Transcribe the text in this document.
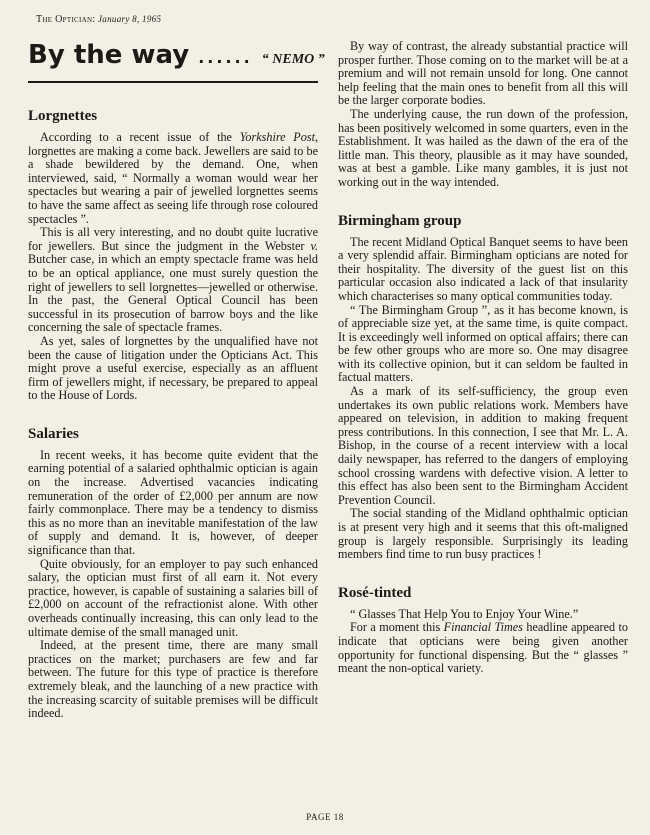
The Optician: January 8, 1965
By the way ...... “ NEMO ”
Lorgnettes

According to a recent issue of the Yorkshire Post, lorgnettes are making a come back. Jewellers are said to be a shade bewildered by the demand. One, when interviewed, said, “ Normally a woman would wear her spectacles but wearing a pair of jewelled lorgnettes seems to have the same affect as seeing life through rose coloured spectacles ”.

This is all very interesting, and no doubt quite lucrative for jewellers. But since the judgment in the Webster v. Butcher case, in which an empty spectacle frame was held to be an optical appliance, one must surely question the right of jewellers to sell lorgnettes—jewelled or otherwise. In the past, the General Optical Council has been successful in its prosecution of barrow boys and the like concerning the sale of spectacle frames.

As yet, sales of lorgnettes by the unqualified have not been the cause of litigation under the Opticians Act. This might prove a useful exercise, especially as an affluent firm of jewellers might, if necessary, be prepared to appeal to the House of Lords.

Salaries

In recent weeks, it has become quite evident that the earning potential of a salaried ophthalmic optician is again on the increase. Advertised vacancies indicating remuneration of the order of £2,000 per annum are now fairly commonplace. There may be a tendency to dismiss this as no more than an inevitable manifestation of the law of supply and demand. It is, however, of deeper significance than that.

Quite obviously, for an employer to pay such enhanced salary, the optician must first of all earn it. Not every practice, however, is capable of sustaining a salaries bill of £2,000 on account of the refractionist alone. With other overheads continually increasing, this can only lead to the ultimate demise of the small managed unit.

Indeed, at the present time, there are many small practices on the market; purchasers are few and far between. The future for this type of practice is therefore extremely bleak, and the launching of a new practice with the increasing scarcity of suitable premises will be difficult indeed.

By way of contrast, the already substantial practice will prosper further. Those coming on to the market will be at a premium and will not remain unsold for long. One cannot help feeling that the main ones to benefit from all this will be the larger corporate bodies.

The underlying cause, the run down of the profession, has been positively welcomed in some quarters, even in the Establishment. It was hailed as the dawn of the era of the little man. This theory, plausible as it may have sounded, was at best a gamble. Like many gambles, it is just not working out in the way intended.

Birmingham group

The recent Midland Optical Banquet seems to have been a very splendid affair. Birmingham opticians are noted for their hospitality. The diversity of the guest list on this particular occasion also indicated a lack of that insularity which characterises so many optical communities today.

“ The Birmingham Group ”, as it has become known, is of appreciable size yet, at the same time, is quite compact. It is exceedingly well informed on optical affairs; there can be few other groups who are more so. One may disagree with its collective opinion, but it can seldom be faulted in factual matters.

As a mark of its self-sufficiency, the group even undertakes its own public relations work. Members have appeared on television, in addition to making frequent press contributions. In this connection, I see that Mr. L. A. Bishop, in the course of a recent interview with a local daily newspaper, has referred to the dangers of employing school crossing wardens with defective vision. A letter to this effect has also been sent to the Birmingham Accident Prevention Council.

The social standing of the Midland ophthalmic optician is at present very high and it seems that this oft-maligned group is largely responsible. Surprisingly its leading members find time to run busy practices !

Rosé-tinted

“ Glasses That Help You to Enjoy Your Wine.”

For a moment this Financial Times headline appeared to indicate that opticians were being given another opportunity for functional dispensing. But the “ glasses ” meant the non-optical variety.

PAGE 18
